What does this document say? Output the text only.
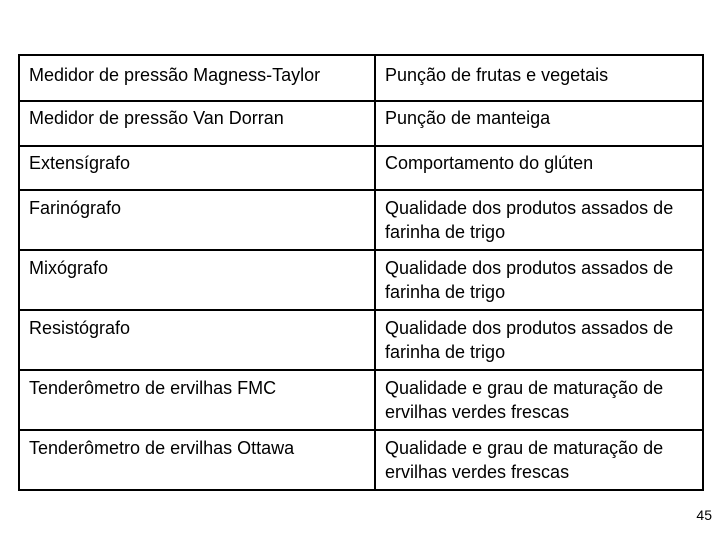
Medidor de pressão Magness-Taylor	Punção de frutas e vegetais
Medidor de pressão Van Dorran	Punção de manteiga
Extensígrafo	Comportamento do glúten
Farinógrafo	Qualidade dos produtos assados de farinha de trigo
Mixógrafo	Qualidade dos produtos assados de farinha de trigo
Resistógrafo	Qualidade dos produtos assados de farinha de trigo
Tenderômetro de ervilhas FMC	Qualidade e grau de maturação de ervilhas verdes frescas
Tenderômetro de ervilhas Ottawa	Qualidade e grau de maturação de ervilhas verdes frescas
45
